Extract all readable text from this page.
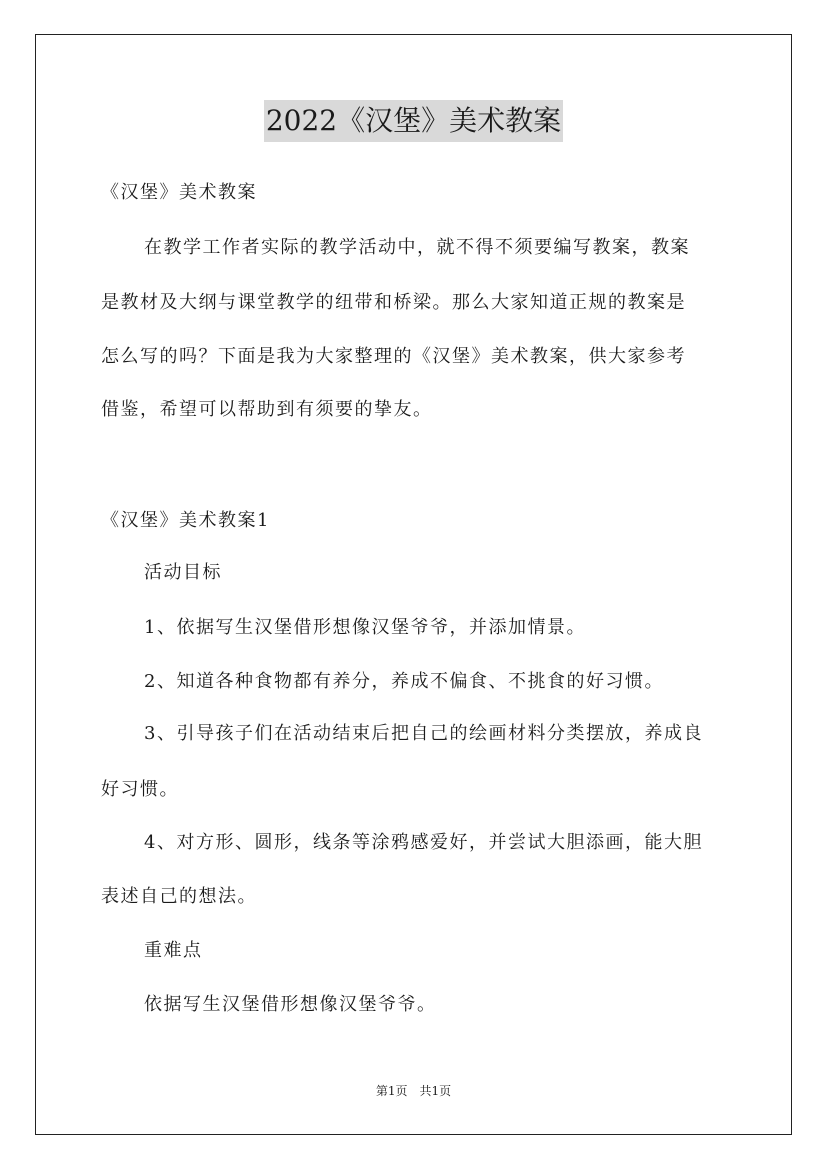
2022《汉堡》美术教案
《汉堡》美术教案
在教学工作者实际的教学活动中，就不得不须要编写教案，教案
是教材及大纲与课堂教学的纽带和桥梁。那么大家知道正规的教案是
怎么写的吗？下面是我为大家整理的《汉堡》美术教案，供大家参考
借鉴，希望可以帮助到有须要的挚友。
《汉堡》美术教案1
活动目标
1、依据写生汉堡借形想像汉堡爷爷，并添加情景。
2、知道各种食物都有养分，养成不偏食、不挑食的好习惯。
3、引导孩子们在活动结束后把自己的绘画材料分类摆放，养成良
好习惯。
4、对方形、圆形，线条等涂鸦感爱好，并尝试大胆添画，能大胆
表述自己的想法。
重难点
依据写生汉堡借形想像汉堡爷爷。
第1页 共1页
